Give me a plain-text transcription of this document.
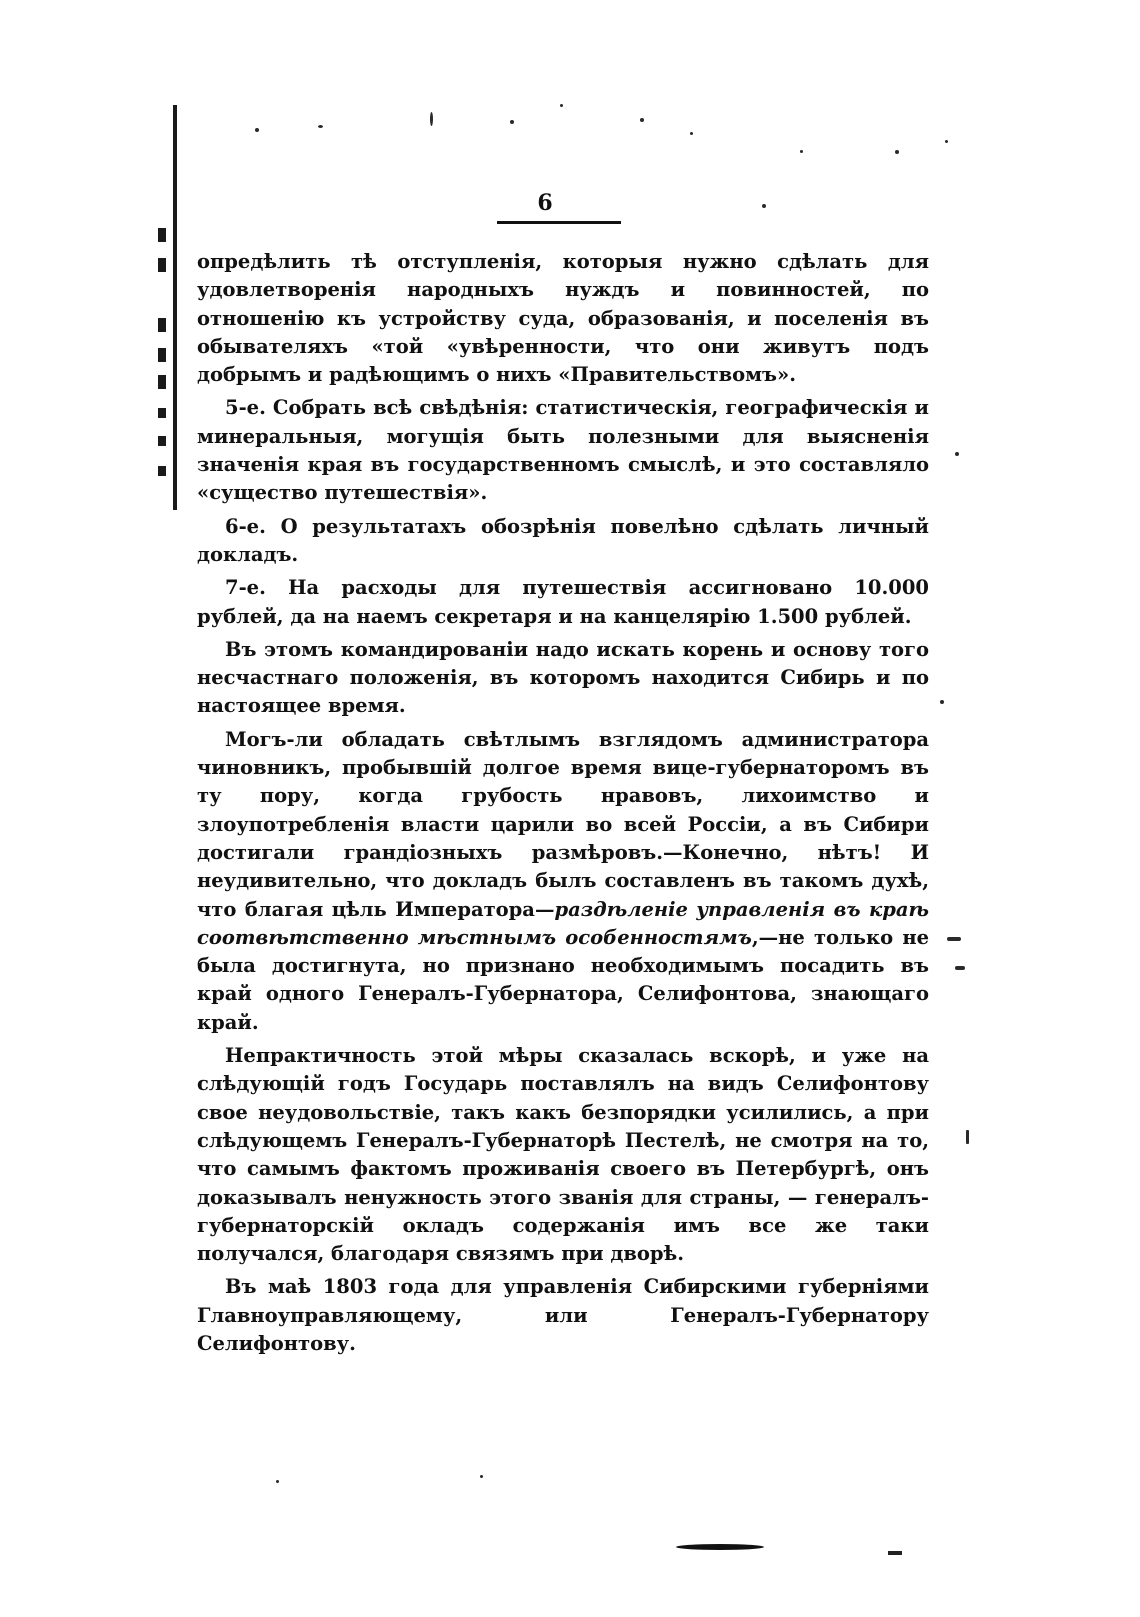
6

опредѣлить тѣ отступленія, которыя нужно сдѣлать для удовлетворенія народныхъ нуждъ и повинностей, по отношенію къ устройству суда, образованія, и поселенія въ обывателяхъ «той «увѣренности, что они живутъ подъ добрымъ и радѣющимъ о нихъ «Правительствомъ».

5-е. Собрать всѣ свѣдѣнія: статистическія, географическія и минеральныя, могущія быть полезными для выясненія значенія края въ государственномъ смыслѣ, и это составляло «существо путешествія».

6-е. О результатахъ обозрѣнія повелѣно сдѣлать личный докладъ.

7-е. На расходы для путешествія ассигновано 10.000 рублей, да на наемъ секретаря и на канцелярію 1.500 рублей.

Въ этомъ командированіи надо искать корень и основу того несчастнаго положенія, въ которомъ находится Сибирь и по настоящее время.

Могъ-ли обладать свѣтлымъ взглядомъ администратора чиновникъ, пробывшій долгое время вице-губернаторомъ въ ту пору, когда грубость нравовъ, лихоимство и злоупотребленія власти царили во всей Россіи, а въ Сибири достигали грандіозныхъ размѣровъ.—Конечно, нѣтъ! И неудивительно, что докладъ былъ составленъ въ такомъ духѣ, что благая цѣль Императора—раздѣленіе управленія въ краѣ соотвѣтственно мѣстнымъ особенностямъ,—не только не была достигнута, но признано необходимымъ посадить въ край одного Генералъ-Губернатора, Селифонтова, знающаго край.

Непрактичность этой мѣры сказалась вскорѣ, и уже на слѣдующій годъ Государь поставлялъ на видъ Селифонтову свое неудовольствіе, такъ какъ безпорядки усилились, а при слѣдующемъ Генералъ-Губернаторѣ Пестелѣ, не смотря на то, что самымъ фактомъ проживанія своего въ Петербургѣ, онъ доказывалъ ненужность этого званія для страны, — генералъ-губернаторскій окладъ содержанія имъ все же таки получался, благодаря связямъ при дворѣ.

Въ маѣ 1803 года для управленія Сибирскими губерніями Главноуправляющему, или Генералъ-Губернатору Селифонтову.
